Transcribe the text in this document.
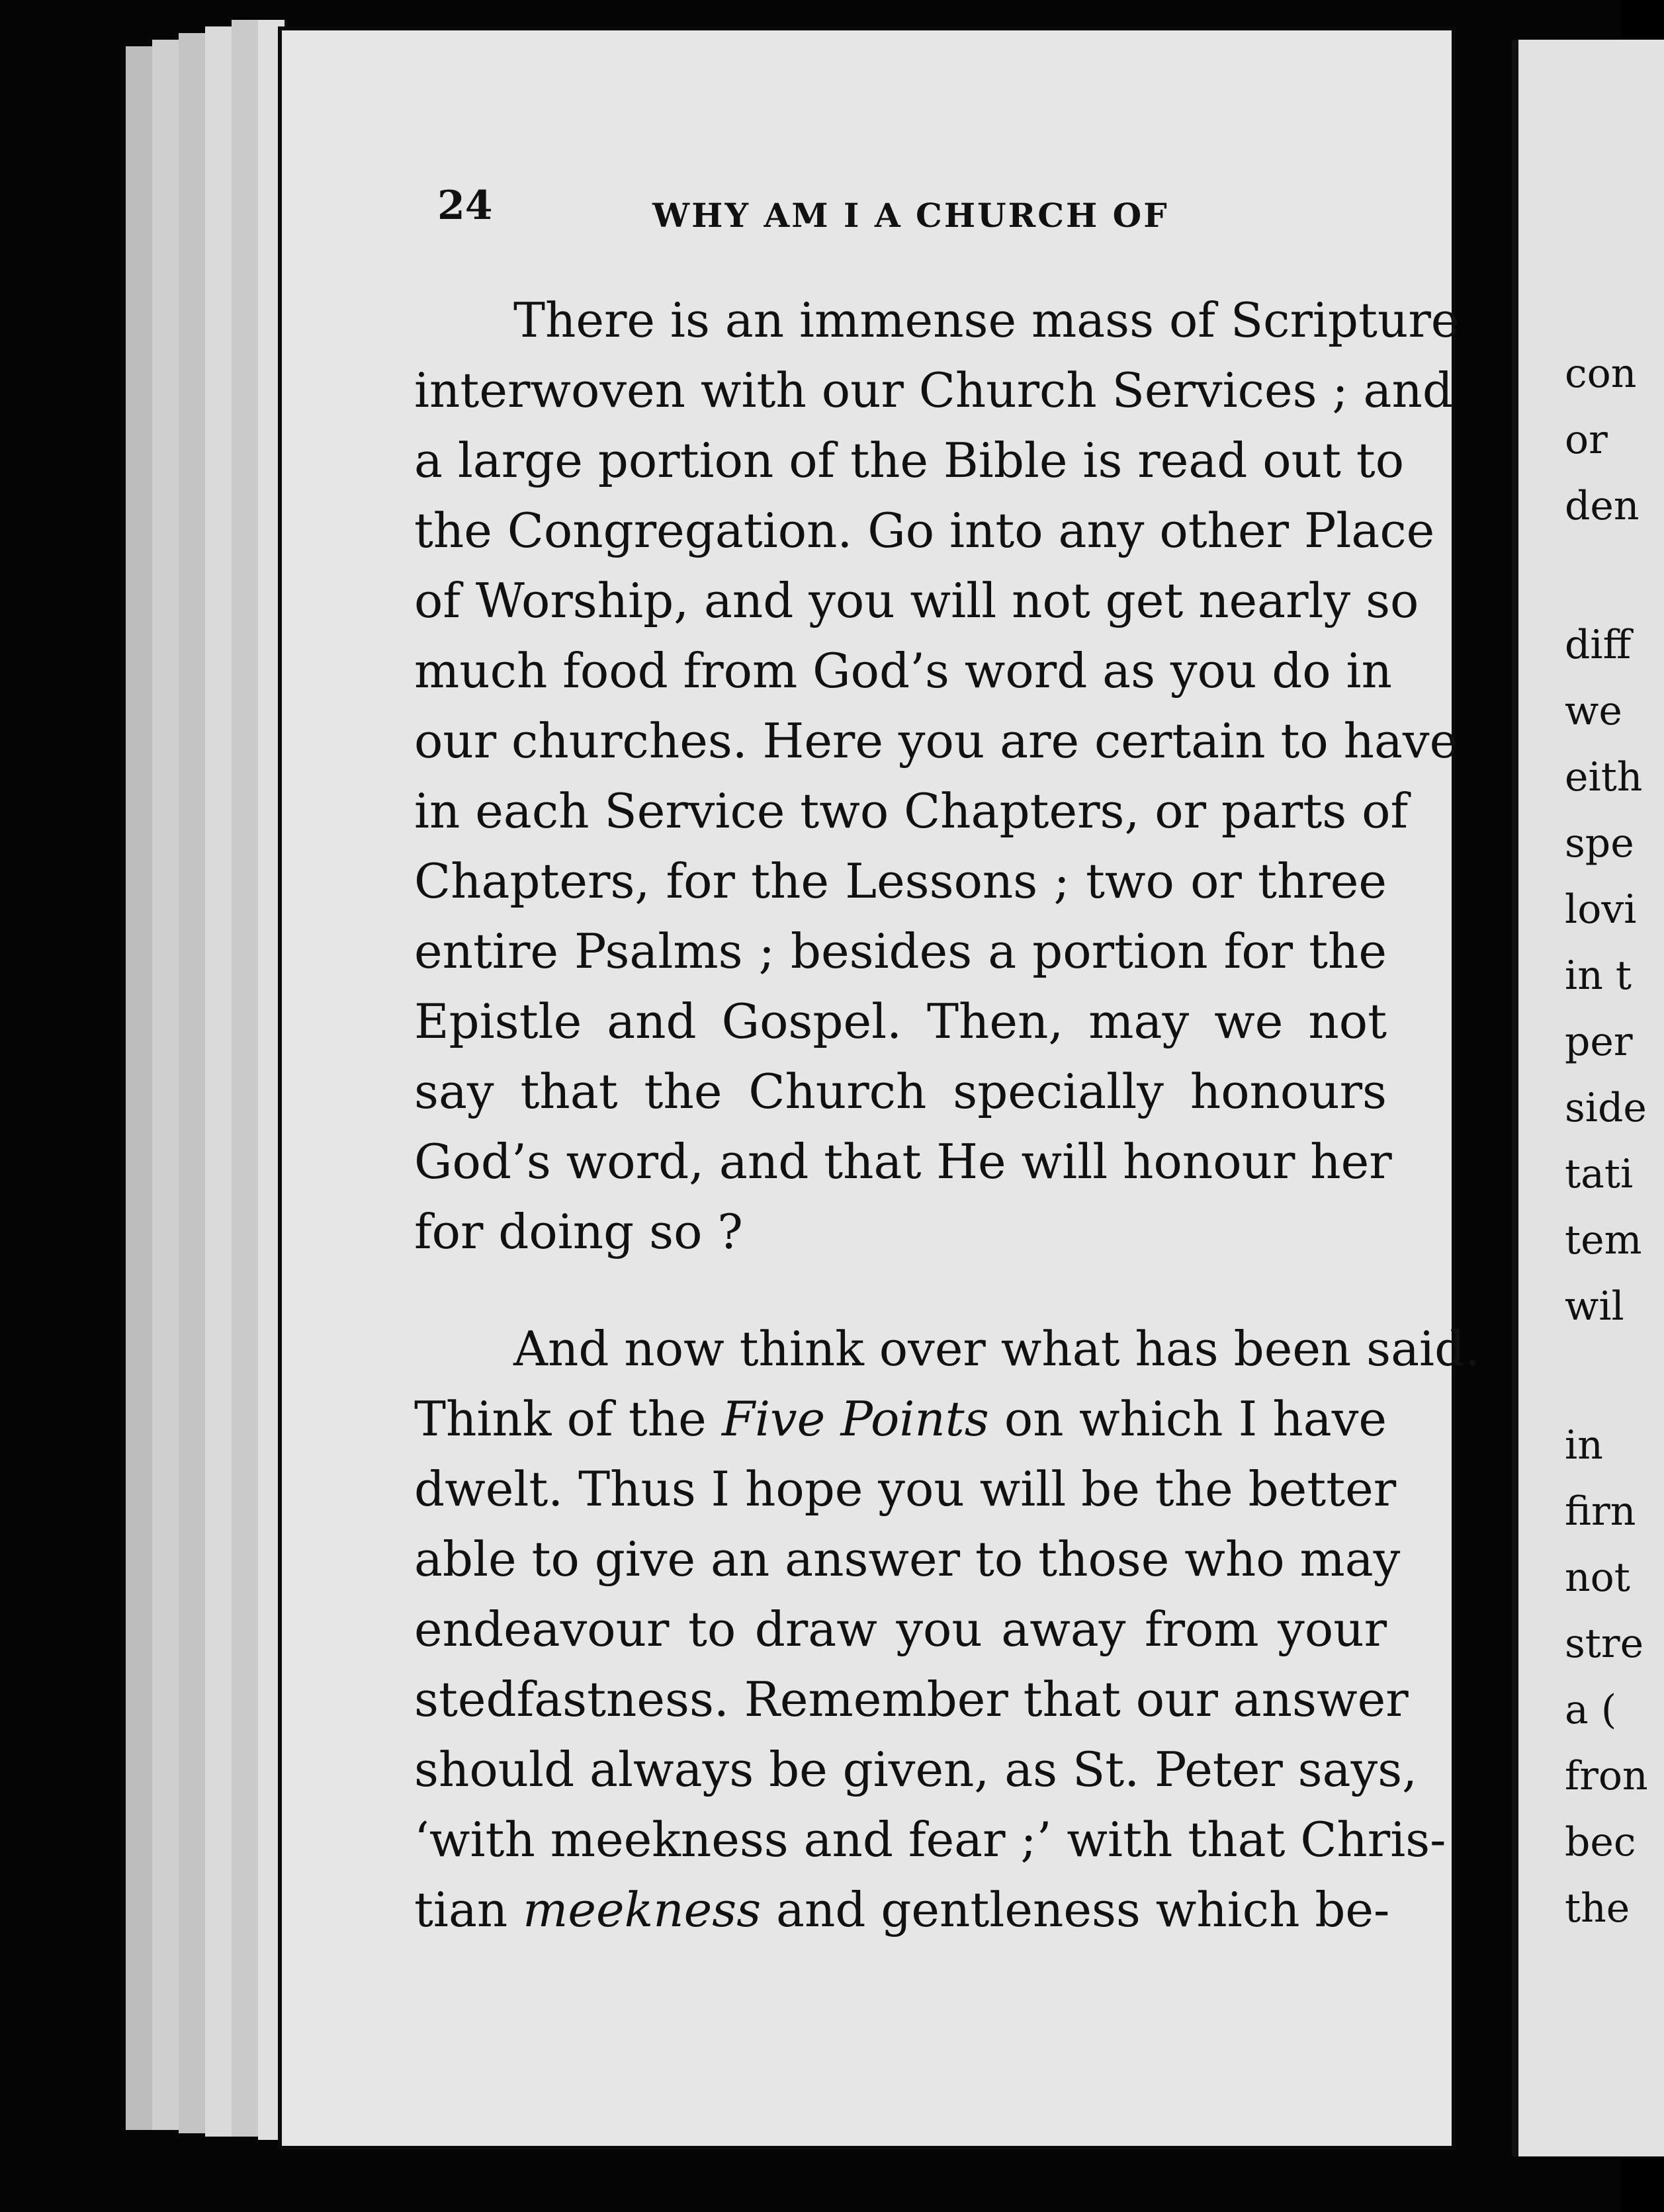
24	WHY AM I A CHURCH OF
There is an immense mass of Scripture
interwoven with our Church Services ; and
a large portion of the Bible is read out to
the Congregation. Go into any other Place
of Worship, and you will not get nearly so
much food from God’s word as you do in
our churches. Here you are certain to have
in each Service two Chapters, or parts of
Chapters, for the Lessons ; two or three
entire Psalms ; besides a portion for the
Epistle and Gospel. Then, may we not
say that the Church specially honours
God’s word, and that He will honour her
for doing so ?
And now think over what has been said.
Think of the Five Points on which I have
dwelt. Thus I hope you will be the better
able to give an answer to those who may
endeavour to draw you away from your
stedfastness. Remember that our answer
should always be given, as St. Peter says,
‘with meekness and fear ;’ with that Chris-
tian meekness and gentleness which be-
con
or
den
diff
we
eith
spe
lovi
in t
per
side
tati
tem
wil
in
firn
not
stre
a (
fron
bec
the
